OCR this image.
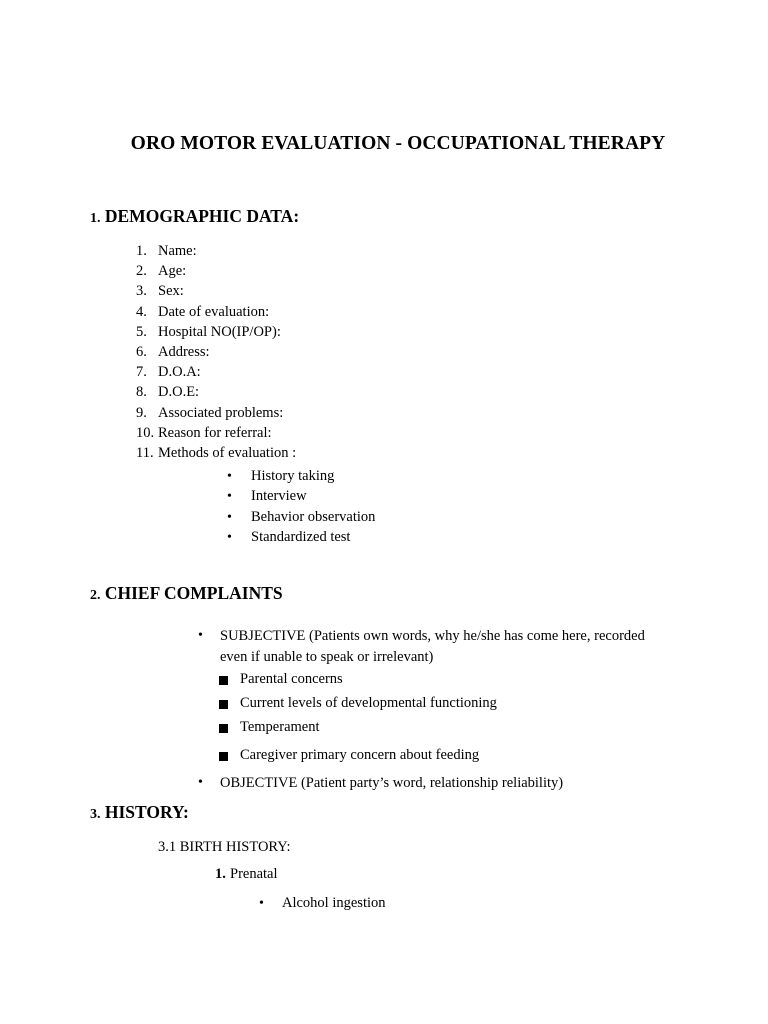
ORO MOTOR EVALUATION - OCCUPATIONAL THERAPY
1. DEMOGRAPHIC DATA:
1. Name:
2. Age:
3. Sex:
4. Date of evaluation:
5. Hospital NO(IP/OP):
6. Address:
7. D.O.A:
8. D.O.E:
9. Associated problems:
10. Reason for referral:
11. Methods of evaluation :
• History taking
• Interview
• Behavior observation
• Standardized test
2. CHIEF COMPLAINTS
• SUBJECTIVE (Patients own words, why he/she has come here, recorded
even if unable to speak or irrelevant)
Parental concerns
Current levels of developmental functioning
Temperament
Caregiver primary concern about feeding
• OBJECTIVE (Patient party’s word, relationship reliability)
3. HISTORY:
3.1 BIRTH HISTORY:
1. Prenatal
• Alcohol ingestion
